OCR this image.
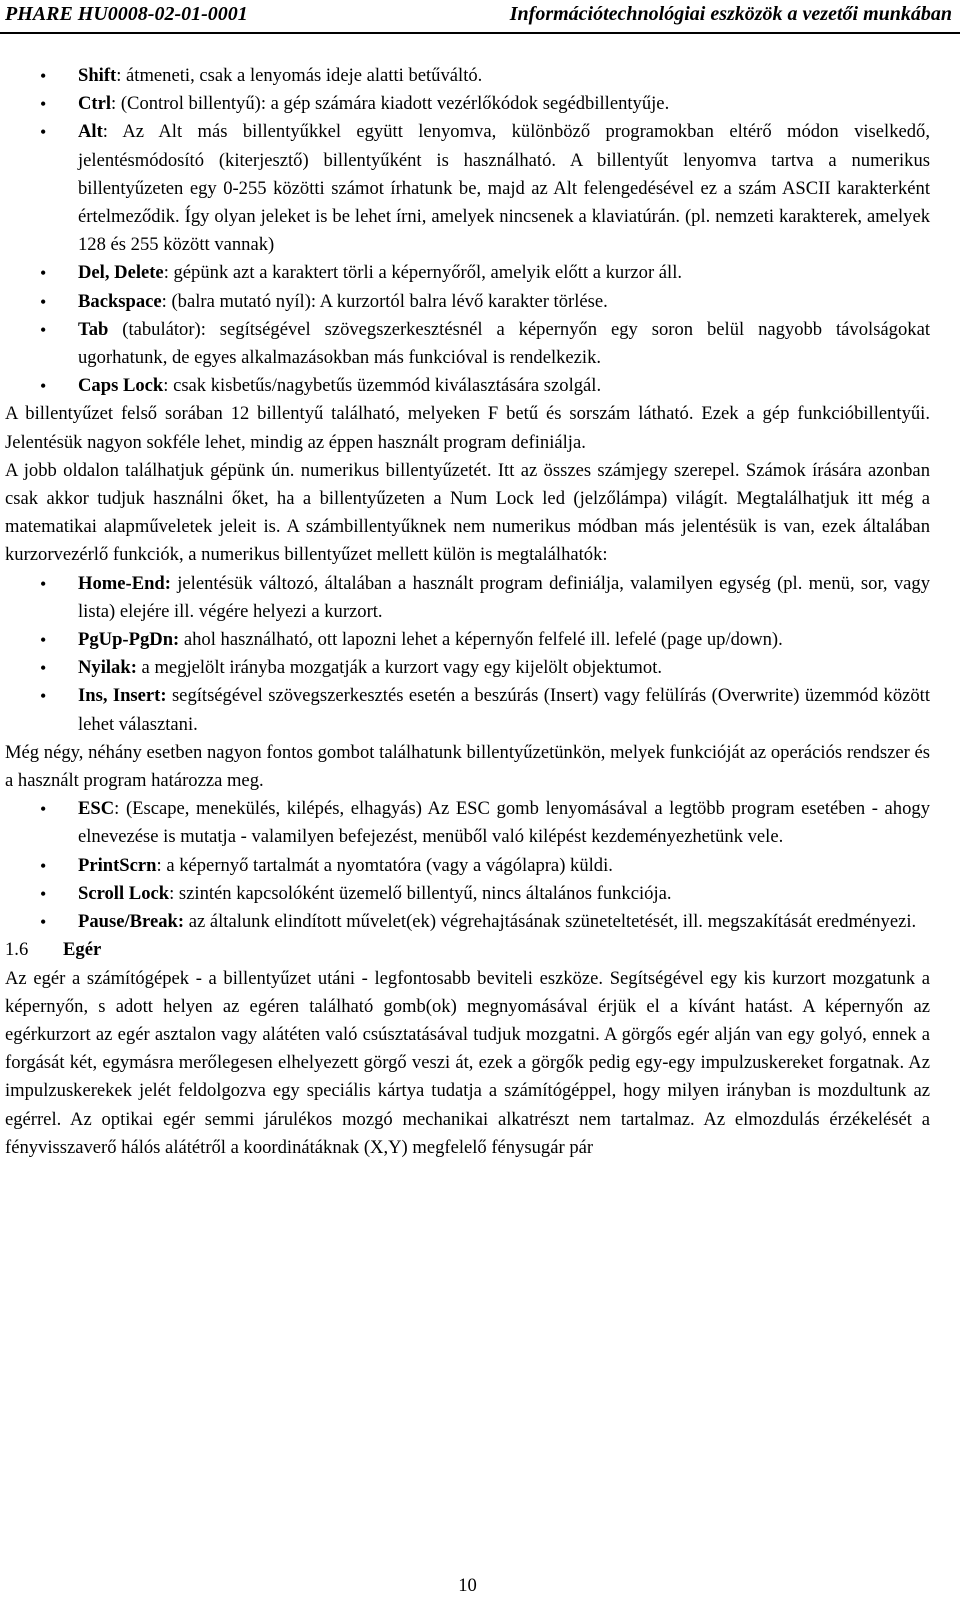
PHARE HU0008-02-01-0001	Információtechnológiai eszközök a vezetői munkában
• Shift: átmeneti, csak a lenyomás ideje alatti betűváltó.
• Ctrl: (Control billentyű): a gép számára kiadott vezérlőkódok segédbillentyűje.
• Alt: Az Alt más billentyűkkel együtt lenyomva, különböző programokban eltérő módon viselkedő, jelentésmódosító (kiterjesztő) billentyűként is használható. A billentyűt lenyomva tartva a numerikus billentyűzeten egy 0-255 közötti számot írhatunk be, majd az Alt felengedésével ez a szám ASCII karakterként értelmeződik. Így olyan jeleket is be lehet írni, amelyek nincsenek a klaviatúrán. (pl. nemzeti karakterek, amelyek 128 és 255 között vannak)
• Del, Delete: gépünk azt a karaktert törli a képernyőről, amelyik előtt a kurzor áll.
• Backspace: (balra mutató nyíl): A kurzortól balra lévő karakter törlése.
• Tab (tabulátor): segítségével szövegszerkesztésnél a képernyőn egy soron belül nagyobb távolságokat ugorhatunk, de egyes alkalmazásokban más funkcióval is rendelkezik.
• Caps Lock: csak kisbetűs/nagybetűs üzemmód kiválasztására szolgál.

A billentyűzet felső sorában 12 billentyű található, melyeken F betű és sorszám látható. Ezek a gép funkcióbillentyűi. Jelentésük nagyon sokféle lehet, mindig az éppen használt program definiálja.

A jobb oldalon találhatjuk gépünk ún. numerikus billentyűzetét. Itt az összes számjegy szerepel. Számok írására azonban csak akkor tudjuk használni őket, ha a billentyűzeten a Num Lock led (jelzőlámpa) világít. Megtalálhatjuk itt még a matematikai alapműveletek jeleit is. A számbillentyűknek nem numerikus módban más jelentésük is van, ezek általában kurzorvezérlő funkciók, a numerikus billentyűzet mellett külön is megtalálhatók:

• Home-End: jelentésük változó, általában a használt program definiálja, valamilyen egység (pl. menü, sor, vagy lista) elejére ill. végére helyezi a kurzort.
• PgUp-PgDn: ahol használható, ott lapozni lehet a képernyőn felfelé ill. lefelé (page up/down).
• Nyilak: a megjelölt irányba mozgatják a kurzort vagy egy kijelölt objektumot.
• Ins, Insert: segítségével szövegszerkesztés esetén a beszúrás (Insert) vagy felülírás (Overwrite) üzemmód között lehet választani.

Még négy, néhány esetben nagyon fontos gombot találhatunk billentyűzetünkön, melyek funkcióját az operációs rendszer és a használt program határozza meg.

• ESC: (Escape, menekülés, kilépés, elhagyás) Az ESC gomb lenyomásával a legtöbb program esetében - ahogy elnevezése is mutatja - valamilyen befejezést, menüből való kilépést kezdeményezhetünk vele.
• PrintScrn: a képernyő tartalmát a nyomtatóra (vagy a vágólapra) küldi.
• Scroll Lock: szintén kapcsolóként üzemelő billentyű, nincs általános funkciója.
• Pause/Break: az általunk elindított művelet(ek) végrehajtásának szüneteltetését, ill. megszakítását eredményezi.

1.6 Egér

Az egér a számítógépek - a billentyűzet utáni - legfontosabb beviteli eszköze. Segítségével egy kis kurzort mozgatunk a képernyőn, s adott helyen az egéren található gomb(ok) megnyomásával érjük el a kívánt hatást. A képernyőn az egérkurzort az egér asztalon vagy alátéten való csúsztatásával tudjuk mozgatni. A görgős egér alján van egy golyó, ennek a forgását két, egymásra merőlegesen elhelyezett görgő veszi át, ezek a görgők pedig egy-egy impulzuskereket forgatnak. Az impulzuskerekek jelét feldolgozva egy speciális kártya tudatja a számítógéppel, hogy milyen irányban is mozdultunk az egérrel. Az optikai egér semmi járulékos mozgó mechanikai alkatrészt nem tartalmaz. Az elmozdulás érzékelését a fényvisszaverő hálós alátétről a koordinátáknak (X,Y) megfelelő fénysugár pár

10
